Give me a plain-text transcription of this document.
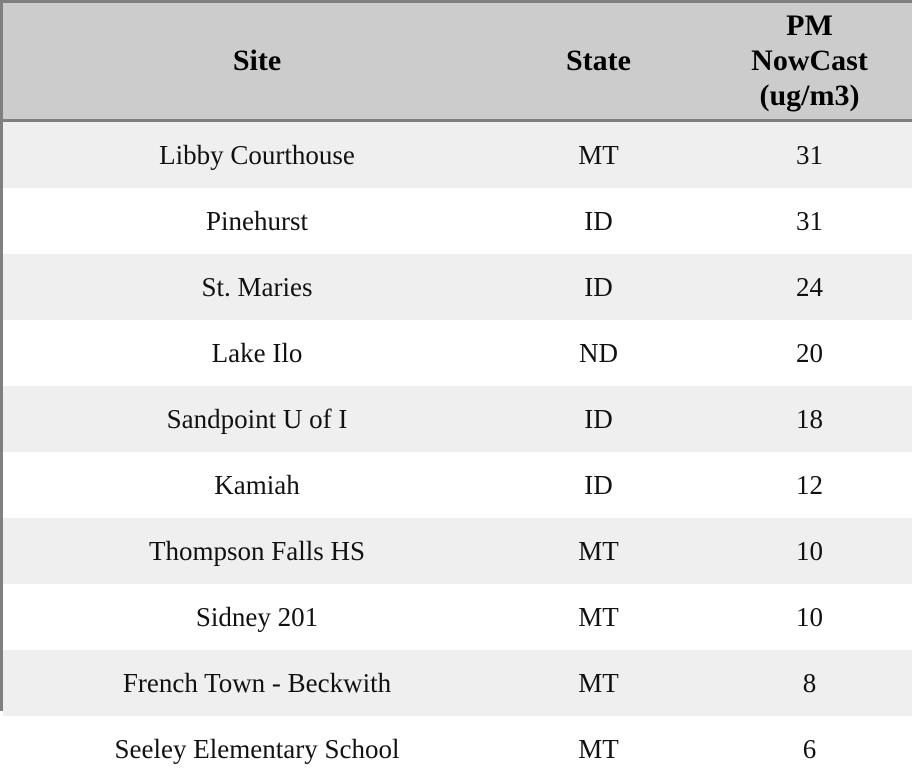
Site	State	PM
NowCast
(ug/m3)

Libby Courthouse	MT	31
Pinehurst	ID	31
St. Maries	ID	24
Lake Ilo	ND	20
Sandpoint U of I	ID	18
Kamiah	ID	12
Thompson Falls HS	MT	10
Sidney 201	MT	10
French Town - Beckwith	MT	8
Seeley Elementary School	MT	6
